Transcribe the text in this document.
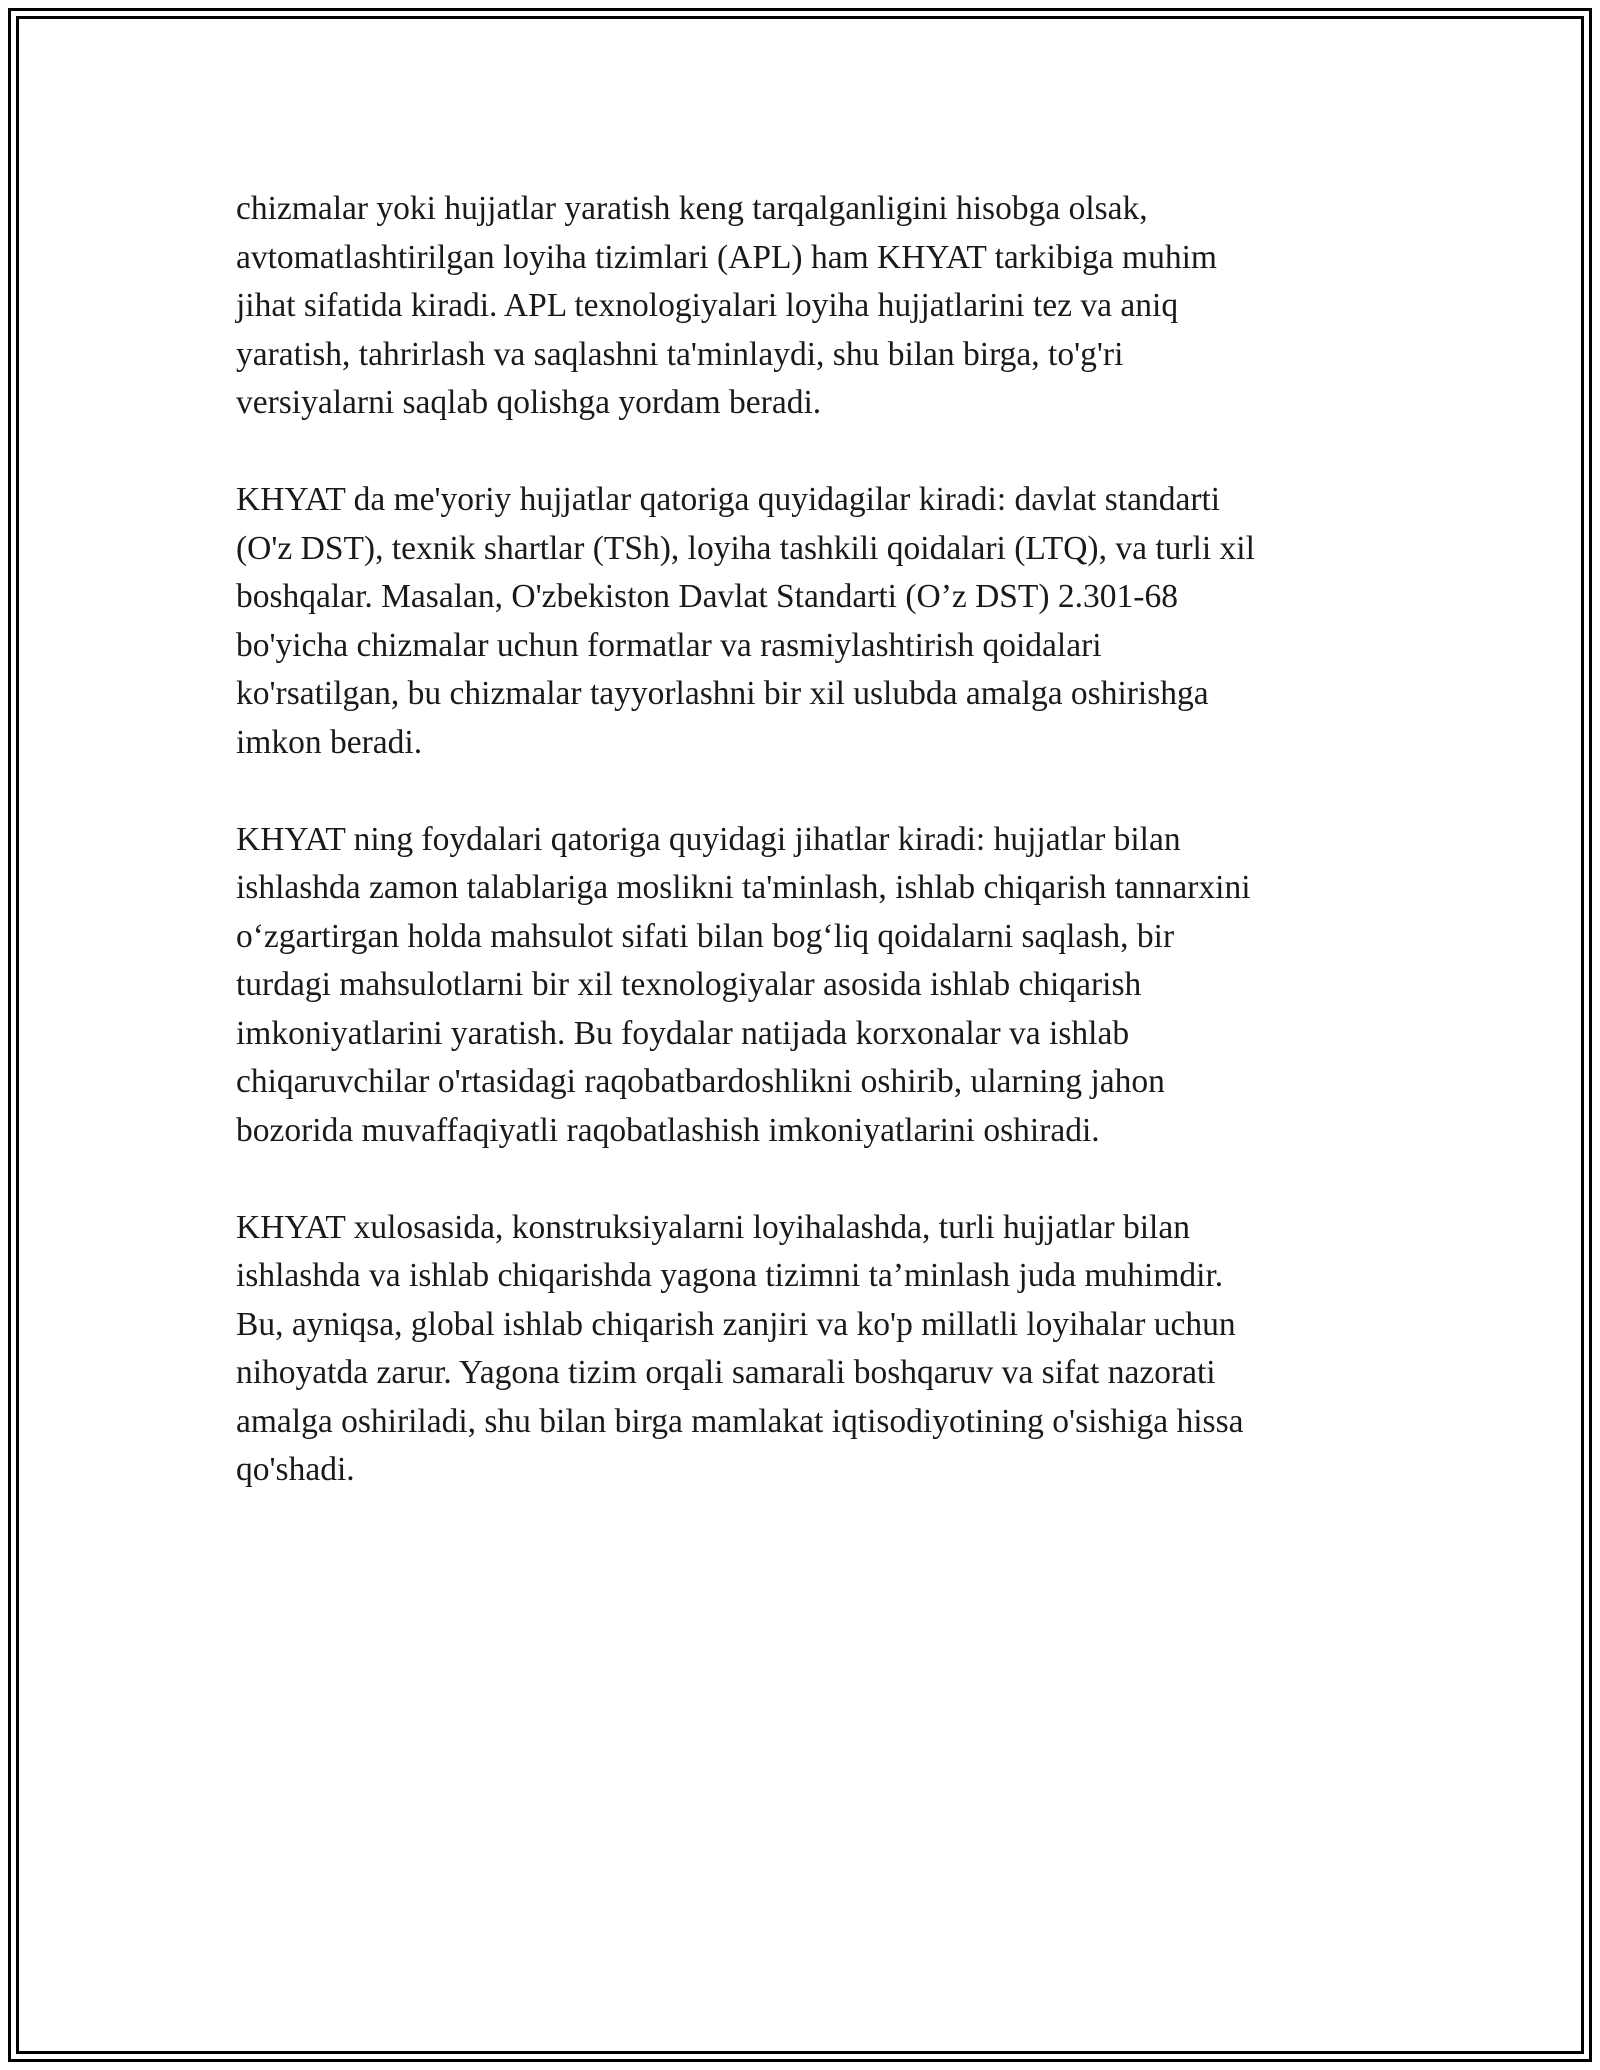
chizmalar yoki hujjatlar yaratish keng tarqalganligini hisobga olsak,
avtomatlashtirilgan loyiha tizimlari (APL) ham KHYAT tarkibiga muhim
jihat sifatida kiradi. APL texnologiyalari loyiha hujjatlarini tez va aniq
yaratish, tahrirlash va saqlashni ta'minlaydi, shu bilan birga, to'g'ri
versiyalarni saqlab qolishga yordam beradi.

KHYAT da me'yoriy hujjatlar qatoriga quyidagilar kiradi: davlat standarti
(O'z DST), texnik shartlar (TSh), loyiha tashkili qoidalari (LTQ), va turli xil
boshqalar. Masalan, O'zbekiston Davlat Standarti (O’z DST) 2.301-68
bo'yicha chizmalar uchun formatlar va rasmiylashtirish qoidalari
ko'rsatilgan, bu chizmalar tayyorlashni bir xil uslubda amalga oshirishga
imkon beradi.

KHYAT ning foydalari qatoriga quyidagi jihatlar kiradi: hujjatlar bilan
ishlashda zamon talablariga moslikni ta'minlash, ishlab chiqarish tannarxini
o‘zgartirgan holda mahsulot sifati bilan bog‘liq qoidalarni saqlash, bir
turdagi mahsulotlarni bir xil texnologiyalar asosida ishlab chiqarish
imkoniyatlarini yaratish. Bu foydalar natijada korxonalar va ishlab
chiqaruvchilar o'rtasidagi raqobatbardoshlikni oshirib, ularning jahon
bozorida muvaffaqiyatli raqobatlashish imkoniyatlarini oshiradi.

KHYAT xulosasida, konstruksiyalarni loyihalashda, turli hujjatlar bilan
ishlashda va ishlab chiqarishda yagona tizimni ta’minlash juda muhimdir.
Bu, ayniqsa, global ishlab chiqarish zanjiri va ko'p millatli loyihalar uchun
nihoyatda zarur. Yagona tizim orqali samarali boshqaruv va sifat nazorati
amalga oshiriladi, shu bilan birga mamlakat iqtisodiyotining o'sishiga hissa
qo'shadi.
